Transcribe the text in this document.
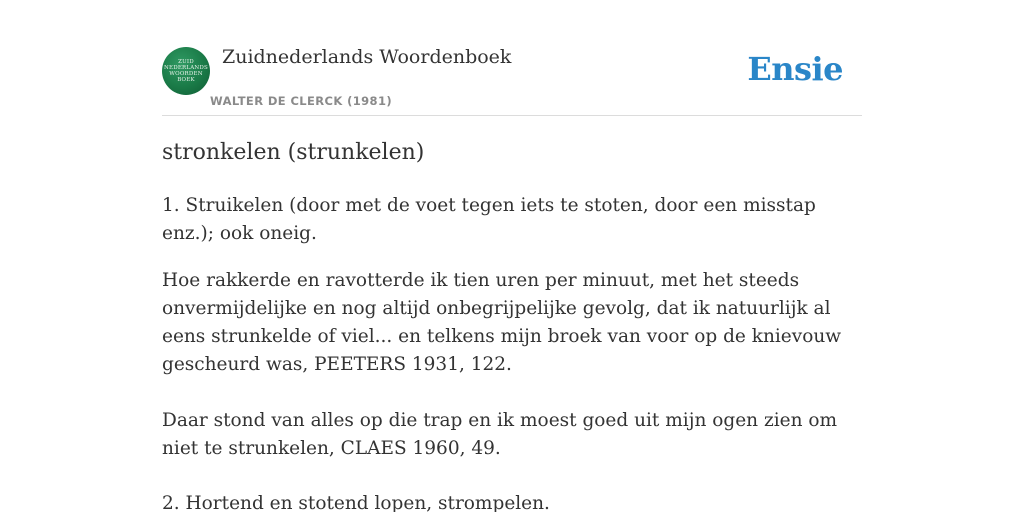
ZUID
NEDERLANDS
WOORDEN
BOEK
Zuidnederlands Woordenboek
WALTER DE CLERCK (1981)
Ensie
stronkelen (strunkelen)

1. Struikelen (door met de voet tegen iets te stoten, door een misstap enz.); ook oneig.

Hoe rakkerde en ravotterde ik tien uren per minuut, met het steeds onvermijdelijke en nog altijd onbegrijpelijke gevolg, dat ik natuurlijk al eens strunkelde of viel... en telkens mijn broek van voor op de knievouw gescheurd was, PEETERS 1931, 122.

Daar stond van alles op die trap en ik moest goed uit mijn ogen zien om niet te strunkelen, CLAES 1960, 49.

2. Hortend en stotend lopen, strompelen.
